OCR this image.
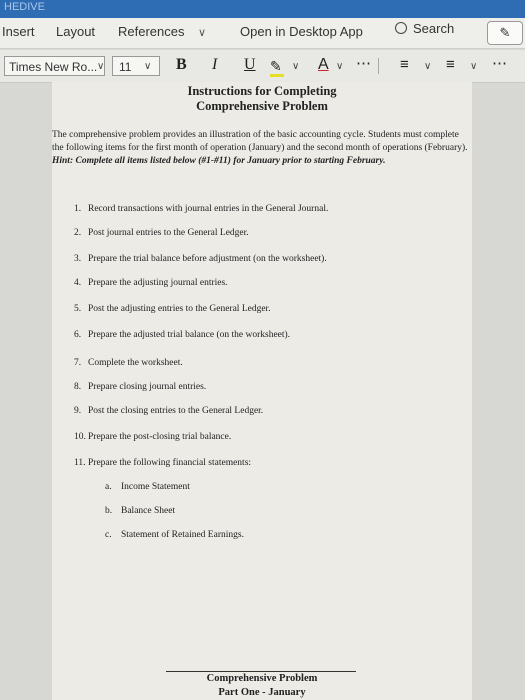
HEDIVE
Insert Layout References ∨	Open in Desktop App	Search	✎
Times New Ro... ∨	11	∨ B I U ✎ ∨ A ∨ ⋯ ≡ ∨ ≡ ∨ ⋯
Instructions for Completing
Comprehensive Problem
The comprehensive problem provides an illustration of the basic accounting cycle. Students must complete the following items for the first month of operation (January) and the second month of operations (February). Hint: Complete all items listed below (#1-#11) for January prior to starting February.
1. Record transactions with journal entries in the General Journal.
2. Post journal entries to the General Ledger.
3. Prepare the trial balance before adjustment (on the worksheet).
4. Prepare the adjusting journal entries.
5. Post the adjusting entries to the General Ledger.
6. Prepare the adjusted trial balance (on the worksheet).
7. Complete the worksheet.
8. Prepare closing journal entries.
9. Post the closing entries to the General Ledger.
10. Prepare the post-closing trial balance.
11. Prepare the following financial statements:
a. Income Statement
b. Balance Sheet
c. Statement of Retained Earnings.
Comprehensive Problem
Part One - January
